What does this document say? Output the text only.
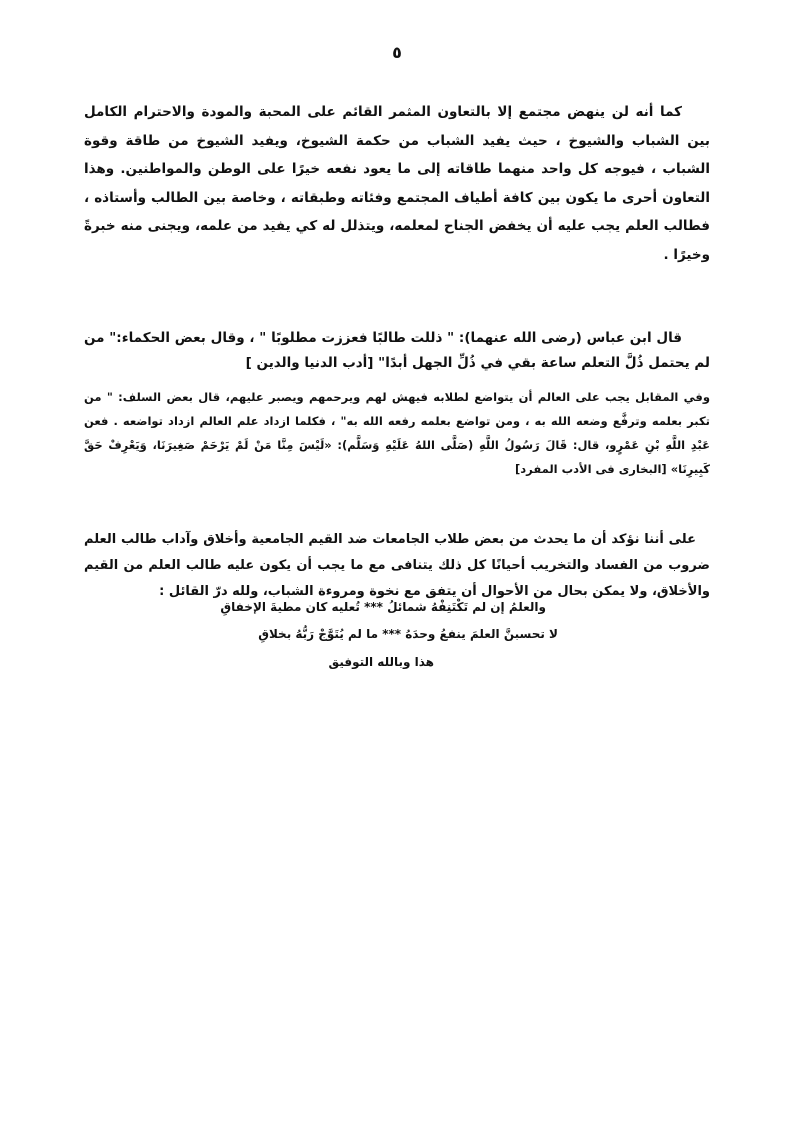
٥

كما أنه لن ينهض مجتمع إلا بالتعاون المثمر القائم على المحبة والمودة والاحترام الكامل بين الشباب والشيوخ ، حيث يفيد الشباب من حكمة الشيوخ، ويفيد الشيوخ من طاقة وقوة الشباب ، فيوجه كل واحد منهما طاقاته إلى ما يعود نفعه خيرًا على الوطن والمواطنين. وهذا التعاون أحرى ما يكون بين كافة أطياف المجتمع وفئاته وطبقاته ، وخاصة بين الطالب وأستاذه ، فطالب العلم يجب عليه أن يخفض الجناح لمعلمه، ويتذلل له كي يفيد من علمه، ويجنى منه خبرةً وخيرًا .

قال ابن عباس (رضى الله عنهما): " ذللت طالبًا فعززت مطلوبًا " ، وقال بعض الحكماء:" من لم يحتمل ذُلَّ التعلم ساعة بقي في ذُلِّ الجهل أبدًا" [أدب الدنيا والدين ]

وفي المقابل يجب على العالم أن يتواضع لطلابه فيهش لهم ويرحمهم ويصبر عليهم، قال بعض السلف: " من تكبر بعلمه وترفَّع وضعه الله به ، ومن تواضع بعلمه رفعه الله به" ، فكلما ازداد علم العالم ازداد تواضعه . فعن عَبْدِ اللَّهِ بْنِ عَمْرٍو، قال: قَالَ رَسُولُ اللَّهِ (صَلَّى اللهُ عَلَيْهِ وَسَلَّم): «لَيْسَ مِنَّا مَنْ لَمْ يَرْحَمْ صَغِيرَنَا، وَيَعْرِفْ حَقَّ كَبِيرِنَا» [البخارى فى الأدب المفرد]

على أننا نؤكد أن ما يحدث من بعض طلاب الجامعات ضد القيم الجامعية وأخلاق وآداب طالب العلم ضروب من الفساد والتخريب أحيانًا كل ذلك يتنافى مع ما يجب أن يكون عليه طالب العلم من القيم والأخلاق، ولا يمكن بحال من الأحوال أن يتفق مع نخوة ومروءة الشباب، ولله درّ القائل :

والعلمُ إن لم تَكْتَنِفْهُ شمائلُ *** تُعليه كان مطيةَ الإخفاقِ

لا تحسبنَّ العلمَ ينفعُ وحدَهُ *** ما لم يُتَوَّجْ رَبُّهُ بخلاقِ

هذا وبالله التوفيق
